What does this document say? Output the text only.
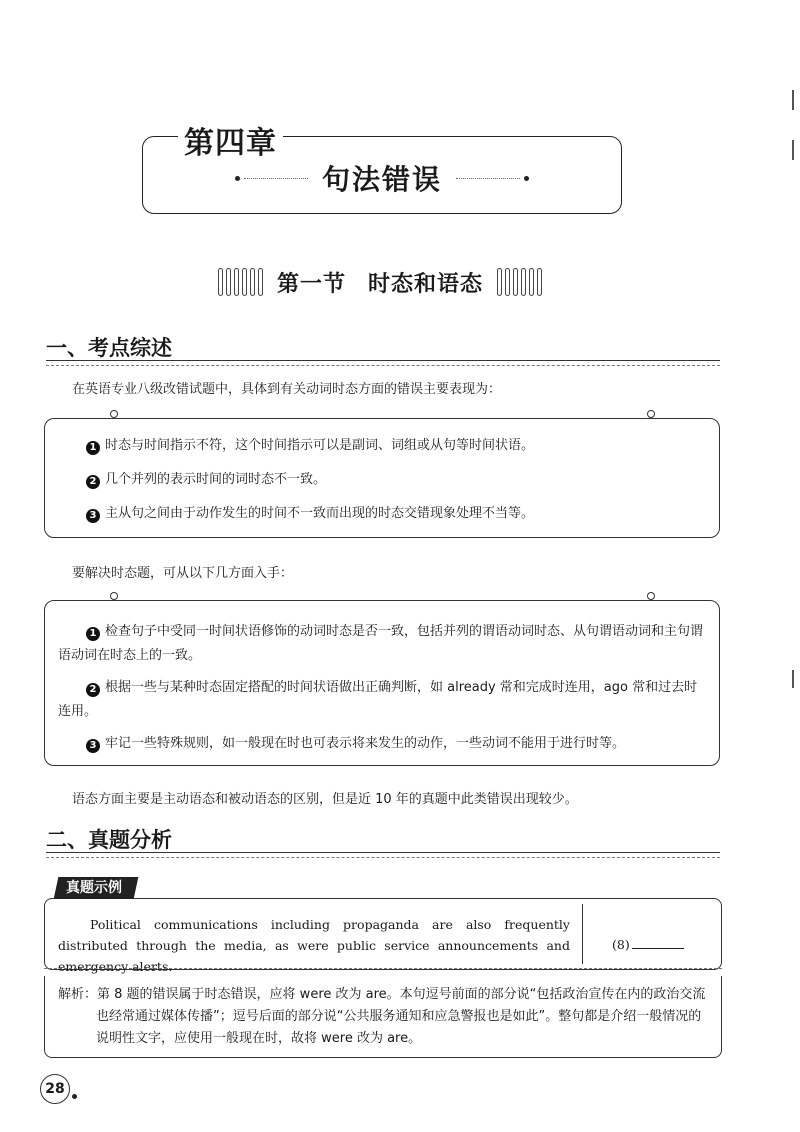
第四章
句法错误
第一节 时态和语态
一、考点综述
在英语专业八级改错试题中，具体到有关动词时态方面的错误主要表现为：
1 时态与时间指示不符，这个时间指示可以是副词、词组或从句等时间状语。
2 几个并列的表示时间的词时态不一致。
3 主从句之间由于动作发生的时间不一致而出现的时态交错现象处理不当等。
要解决时态题，可从以下几方面入手：
1 检查句子中受同一时间状语修饰的动词时态是否一致，包括并列的谓语动词时态、从句谓语动词和主句谓语动词在时态上的一致。
2 根据一些与某种时态固定搭配的时间状语做出正确判断，如 already 常和完成时连用，ago 常和过去时连用。
3 牢记一些特殊规则，如一般现在时也可表示将来发生的动作，一些动词不能用于进行时等。
语态方面主要是主动语态和被动语态的区别，但是近 10 年的真题中此类错误出现较少。
二、真题分析
真题示例
Political communications including propaganda are also frequently distributed through the media, as were public service announcements and emergency alerts.
(8)
解析：第 8 题的错误属于时态错误，应将 were 改为 are。本句逗号前面的部分说“包括政治宣传在内的政治交流
也经常通过媒体传播”；逗号后面的部分说“公共服务通知和应急警报也是如此”。整句都是介绍一般情况的说明性文字，应使用一般现在时，故将 were 改为 are。
28
